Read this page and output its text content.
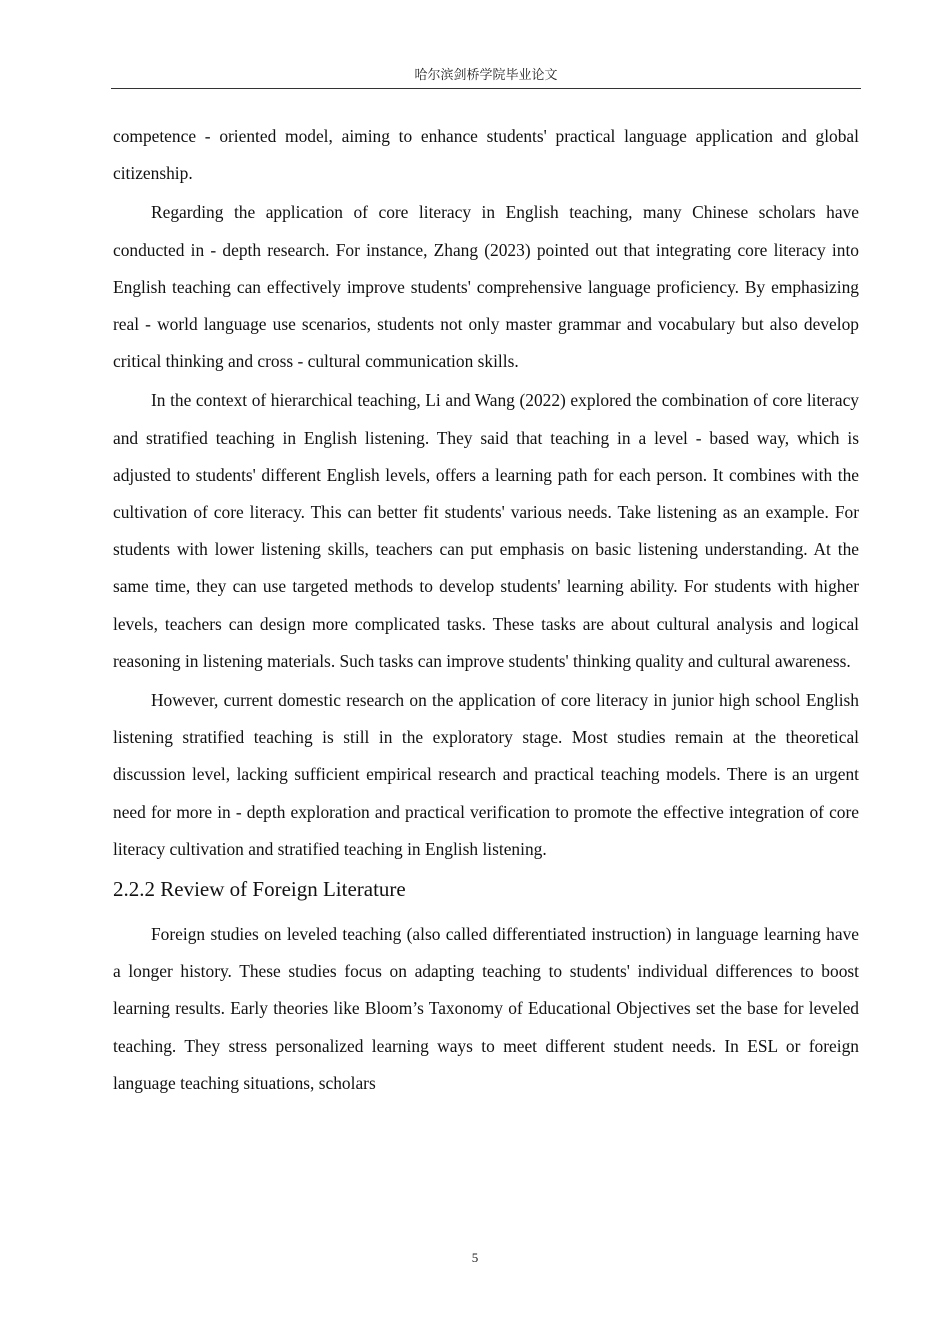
哈尔滨剑桥学院毕业论文

competence - oriented model, aiming to enhance students' practical language application and global citizenship.

Regarding the application of core literacy in English teaching, many Chinese scholars have conducted in - depth research. For instance, Zhang (2023) pointed out that integrating core literacy into English teaching can effectively improve students' comprehensive language proficiency. By emphasizing real - world language use scenarios, students not only master grammar and vocabulary but also develop critical thinking and cross - cultural communication skills.

In the context of hierarchical teaching, Li and Wang (2022) explored the combination of core literacy and stratified teaching in English listening. They said that teaching in a level - based way, which is adjusted to students' different English levels, offers a learning path for each person. It combines with the cultivation of core literacy. This can better fit students' various needs. Take listening as an example. For students with lower listening skills, teachers can put emphasis on basic listening understanding. At the same time, they can use targeted methods to develop students' learning ability. For students with higher levels, teachers can design more complicated tasks. These tasks are about cultural analysis and logical reasoning in listening materials. Such tasks can improve students' thinking quality and cultural awareness.

However, current domestic research on the application of core literacy in junior high school English listening stratified teaching is still in the exploratory stage. Most studies remain at the theoretical discussion level, lacking sufficient empirical research and practical teaching models. There is an urgent need for more in - depth exploration and practical verification to promote the effective integration of core literacy cultivation and stratified teaching in English listening.

2.2.2 Review of Foreign Literature

Foreign studies on leveled teaching (also called differentiated instruction) in language learning have a longer history. These studies focus on adapting teaching to students' individual differences to boost learning results. Early theories like Bloom’s Taxonomy of Educational Objectives set the base for leveled teaching. They stress personalized learning ways to meet different student needs. In ESL or foreign language teaching situations, scholars

5
